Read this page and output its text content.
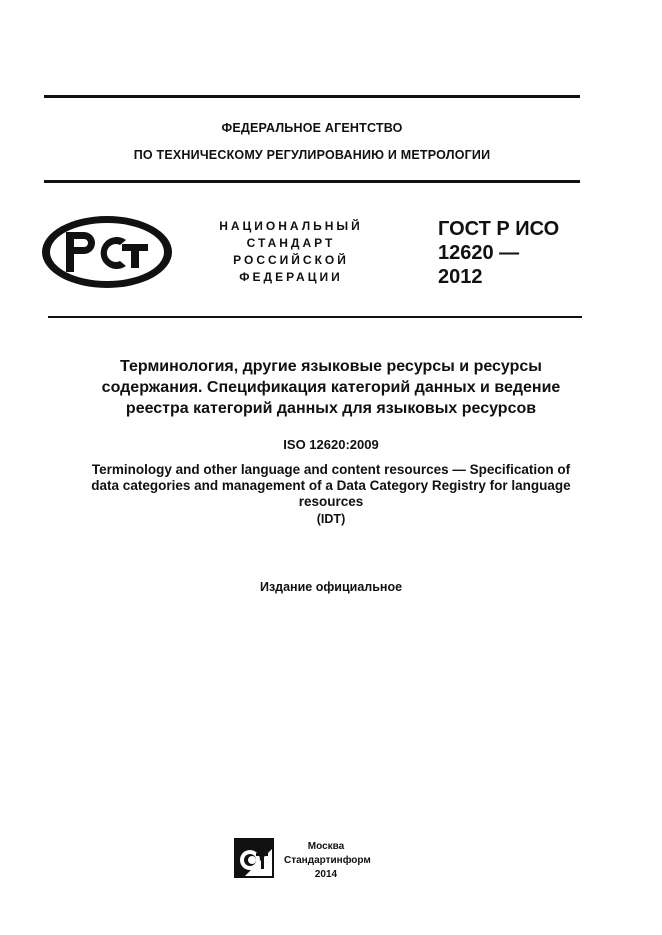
ФЕДЕРАЛЬНОЕ АГЕНТСТВО
ПО ТЕХНИЧЕСКОМУ РЕГУЛИРОВАНИЮ И МЕТРОЛОГИИ
НАЦИОНАЛЬНЫЙ
СТАНДАРТ
РОССИЙСКОЙ
ФЕДЕРАЦИИ
ГОСТ Р ИСО
12620 —
2012
Терминология, другие языковые ресурсы и ресурсы
содержания. Спецификация категорий данных и ведение
реестра категорий данных для языковых ресурсов
ISO 12620:2009
Terminology and other language and content resources — Specification of
data categories and management of a Data Category Registry for language
resources
(IDT)
Издание официальное
Москва
Стандартинформ
2014
